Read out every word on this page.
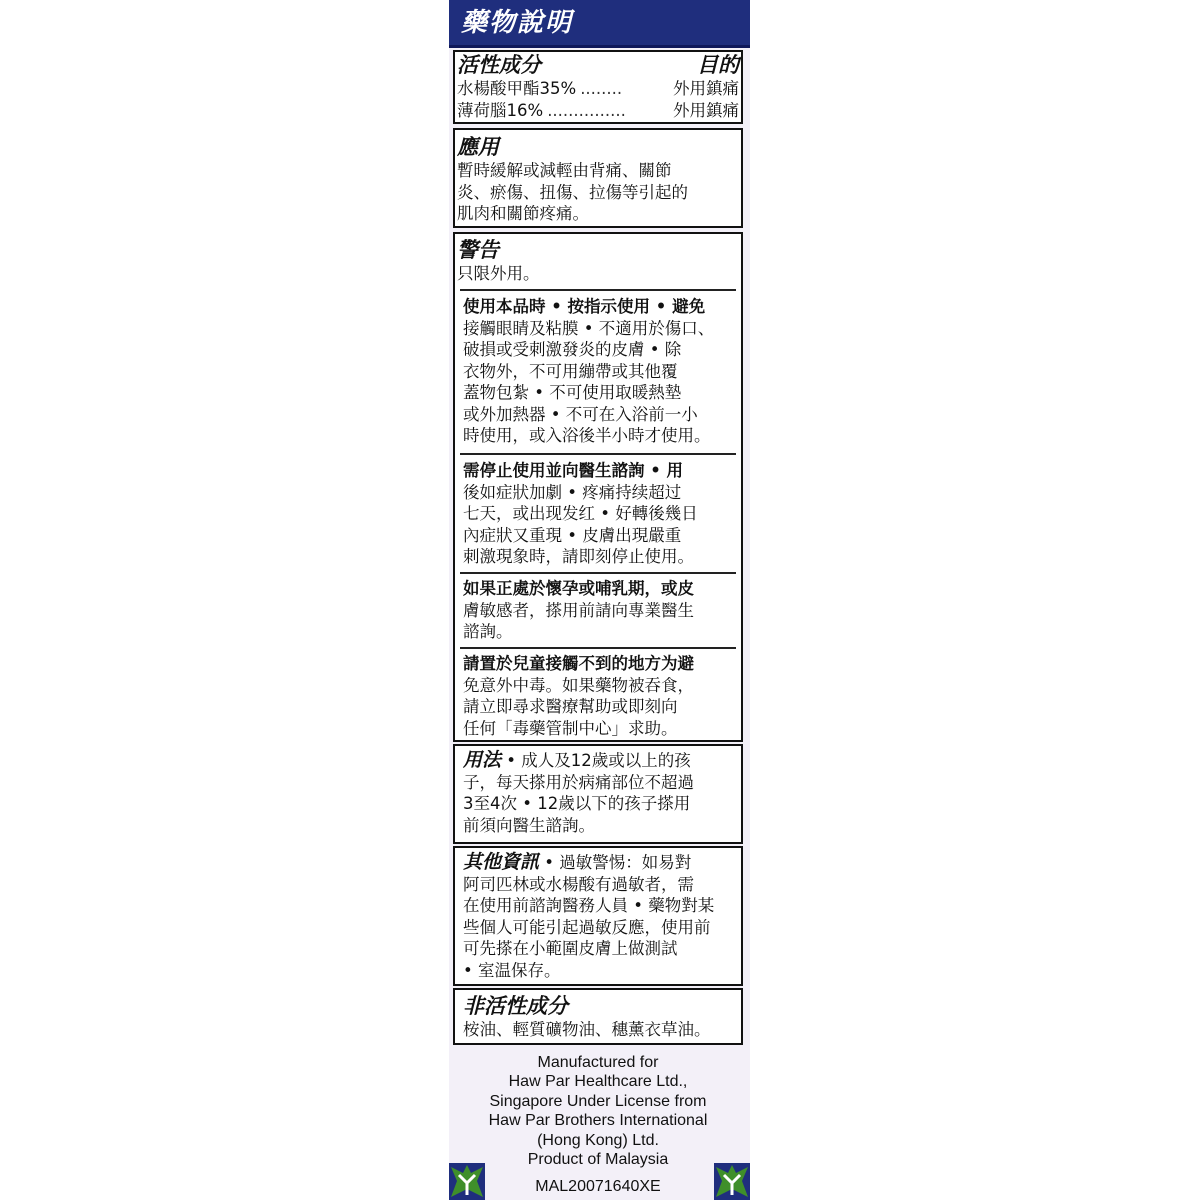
藥物說明
活性成分	目的
水楊酸甲酯35% ........	外用鎮痛
薄荷腦16% ...............	外用鎮痛
應用
暫時緩解或減輕由背痛、關節
炎、瘀傷、扭傷、拉傷等引起的
肌肉和關節疼痛。
警告
只限外用。
使用本品時 • 按指示使用 • 避免
接觸眼睛及粘膜 • 不適用於傷口、
破損或受刺激發炎的皮膚 • 除
衣物外，不可用繃帶或其他覆
蓋物包紮 • 不可使用取暖熱墊
或外加熱器 • 不可在入浴前一小
時使用，或入浴後半小時才使用。
需停止使用並向醫生諮詢 • 用
後如症狀加劇 • 疼痛持续超过
七天，或出现发红 • 好轉後幾日
內症狀又重現 • 皮膚出現嚴重
刺激現象時，請即刻停止使用。
如果正處於懷孕或哺乳期，或皮
膚敏感者，搽用前請向專業醫生
諮詢。
請置於兒童接觸不到的地方为避
免意外中毒。如果藥物被吞食，
請立即尋求醫療幫助或即刻向
任何「毒藥管制中心」求助。
用法 • 成人及12歲或以上的孩
子，每天搽用於病痛部位不超過
3至4次 • 12歲以下的孩子搽用
前須向醫生諮詢。
其他資訊 • 過敏警惕：如易對
阿司匹林或水楊酸有過敏者，需
在使用前諮詢醫務人員 • 藥物對某
些個人可能引起過敏反應，使用前
可先搽在小範圍皮膚上做測試
• 室温保存。
非活性成分
桉油、輕質礦物油、穗薰衣草油。
Manufactured for
Haw Par Healthcare Ltd.,
Singapore Under License from
Haw Par Brothers International
(Hong Kong) Ltd.
Product of Malaysia
MAL20071640XE
